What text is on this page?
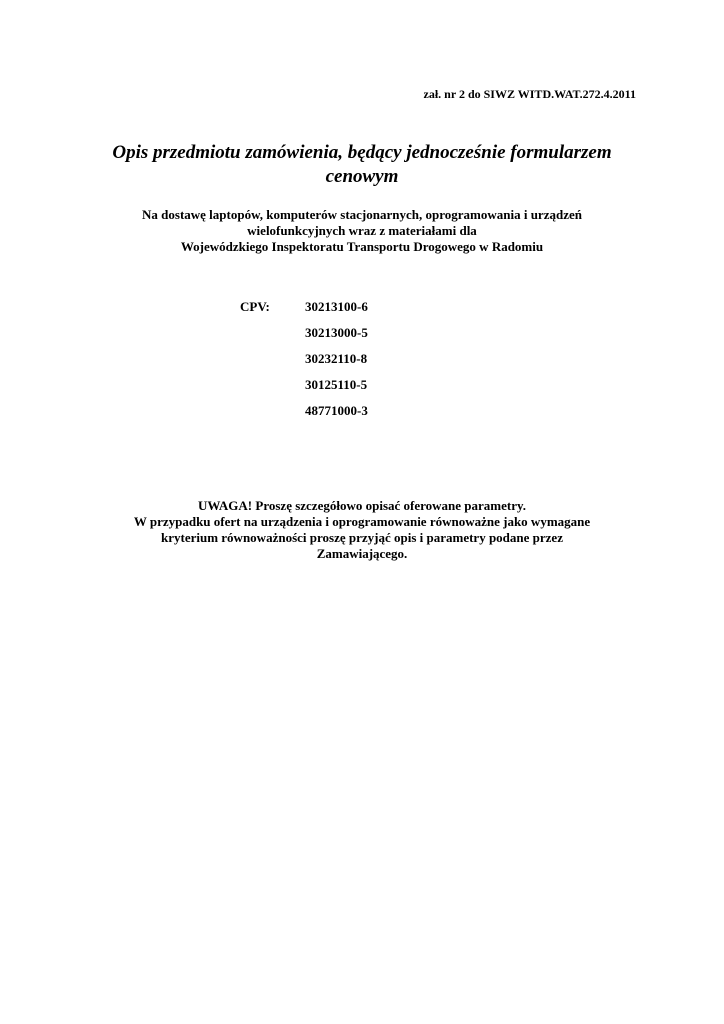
zał. nr 2 do SIWZ WITD.WAT.272.4.2011
Opis przedmiotu zamówienia, będący jednocześnie formularzem
cenowym
Na dostawę laptopów, komputerów stacjonarnych, oprogramowania i urządzeń
wielofunkcyjnych wraz z materiałami dla
Wojewódzkiego Inspektoratu Transportu Drogowego w Radomiu
CPV:	30213100-6
30213000-5
30232110-8
30125110-5
48771000-3
UWAGA! Proszę szczegółowo opisać oferowane parametry.
W przypadku ofert na urządzenia i oprogramowanie równoważne jako wymagane
kryterium równoważności proszę przyjąć opis i parametry podane przez
Zamawiającego.
